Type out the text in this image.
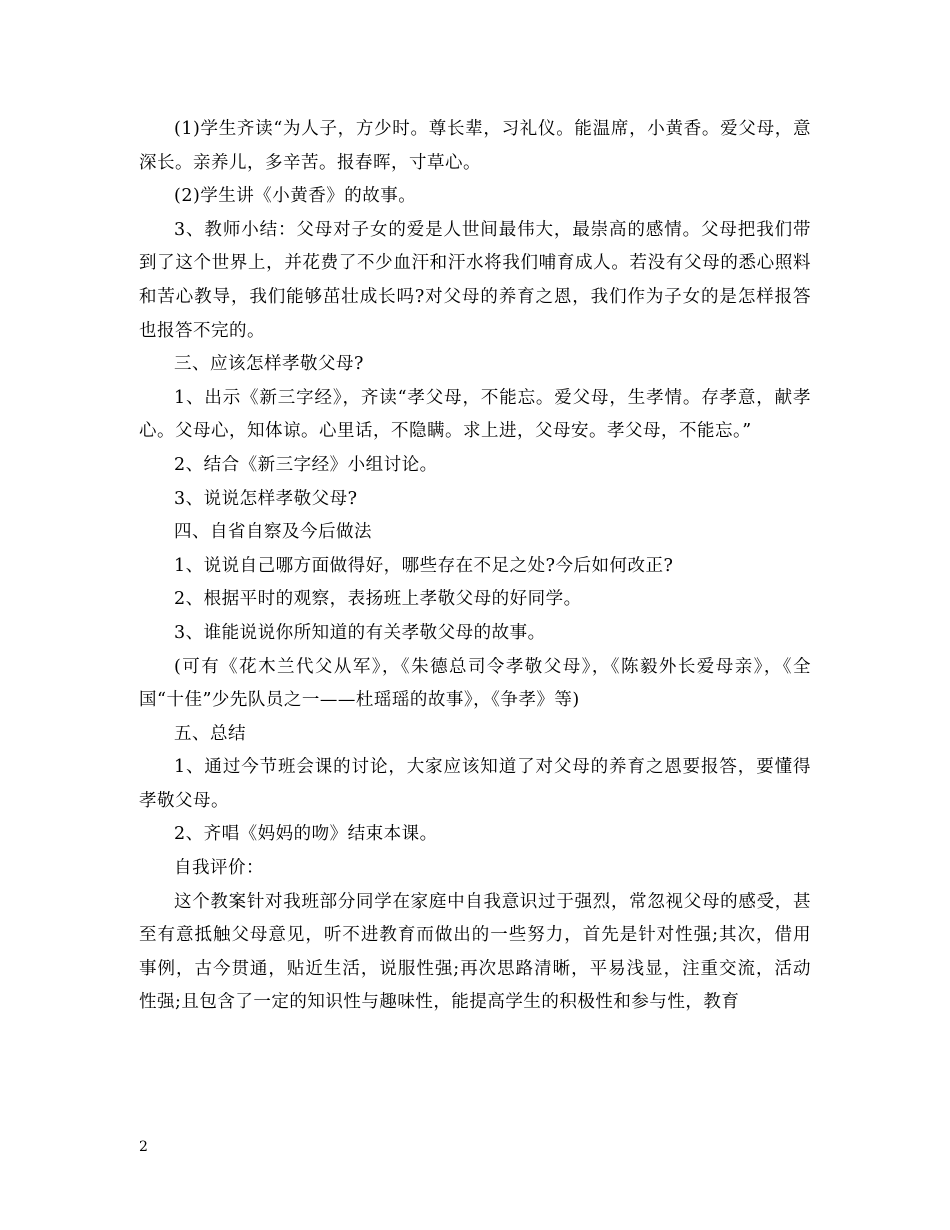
(1)学生齐读“为人子，方少时。尊长辈，习礼仪。能温席，小黄香。爱父母，意深长。亲养儿，多辛苦。报春晖，寸草心。

(2)学生讲《小黄香》的故事。

3、教师小结：父母对子女的爱是人世间最伟大，最崇高的感情。父母把我们带到了这个世界上，并花费了不少血汗和汗水将我们哺育成人。若没有父母的悉心照料和苦心教导，我们能够茁壮成长吗?对父母的养育之恩，我们作为子女的是怎样报答也报答不完的。

三、应该怎样孝敬父母?

1、出示《新三字经》，齐读“孝父母，不能忘。爱父母，生孝情。存孝意，献孝心。父母心，知体谅。心里话，不隐瞒。求上进，父母安。孝父母，不能忘。”

2、结合《新三字经》小组讨论。

3、说说怎样孝敬父母?

四、自省自察及今后做法

1、说说自己哪方面做得好，哪些存在不足之处?今后如何改正?

2、根据平时的观察，表扬班上孝敬父母的好同学。

3、谁能说说你所知道的有关孝敬父母的故事。

(可有《花木兰代父从军》，《朱德总司令孝敬父母》，《陈毅外长爱母亲》，《全国“十佳”少先队员之一——杜瑶瑶的故事》，《争孝》等)

五、总结

1、通过今节班会课的讨论，大家应该知道了对父母的养育之恩要报答，要懂得孝敬父母。

2、齐唱《妈妈的吻》结束本课。

自我评价：

这个教案针对我班部分同学在家庭中自我意识过于强烈，常忽视父母的感受，甚至有意抵触父母意见，听不进教育而做出的一些努力，首先是针对性强;其次，借用事例，古今贯通，贴近生活，说服性强;再次思路清晰，平易浅显，注重交流，活动性强;且包含了一定的知识性与趣味性，能提高学生的积极性和参与性，教育

2
